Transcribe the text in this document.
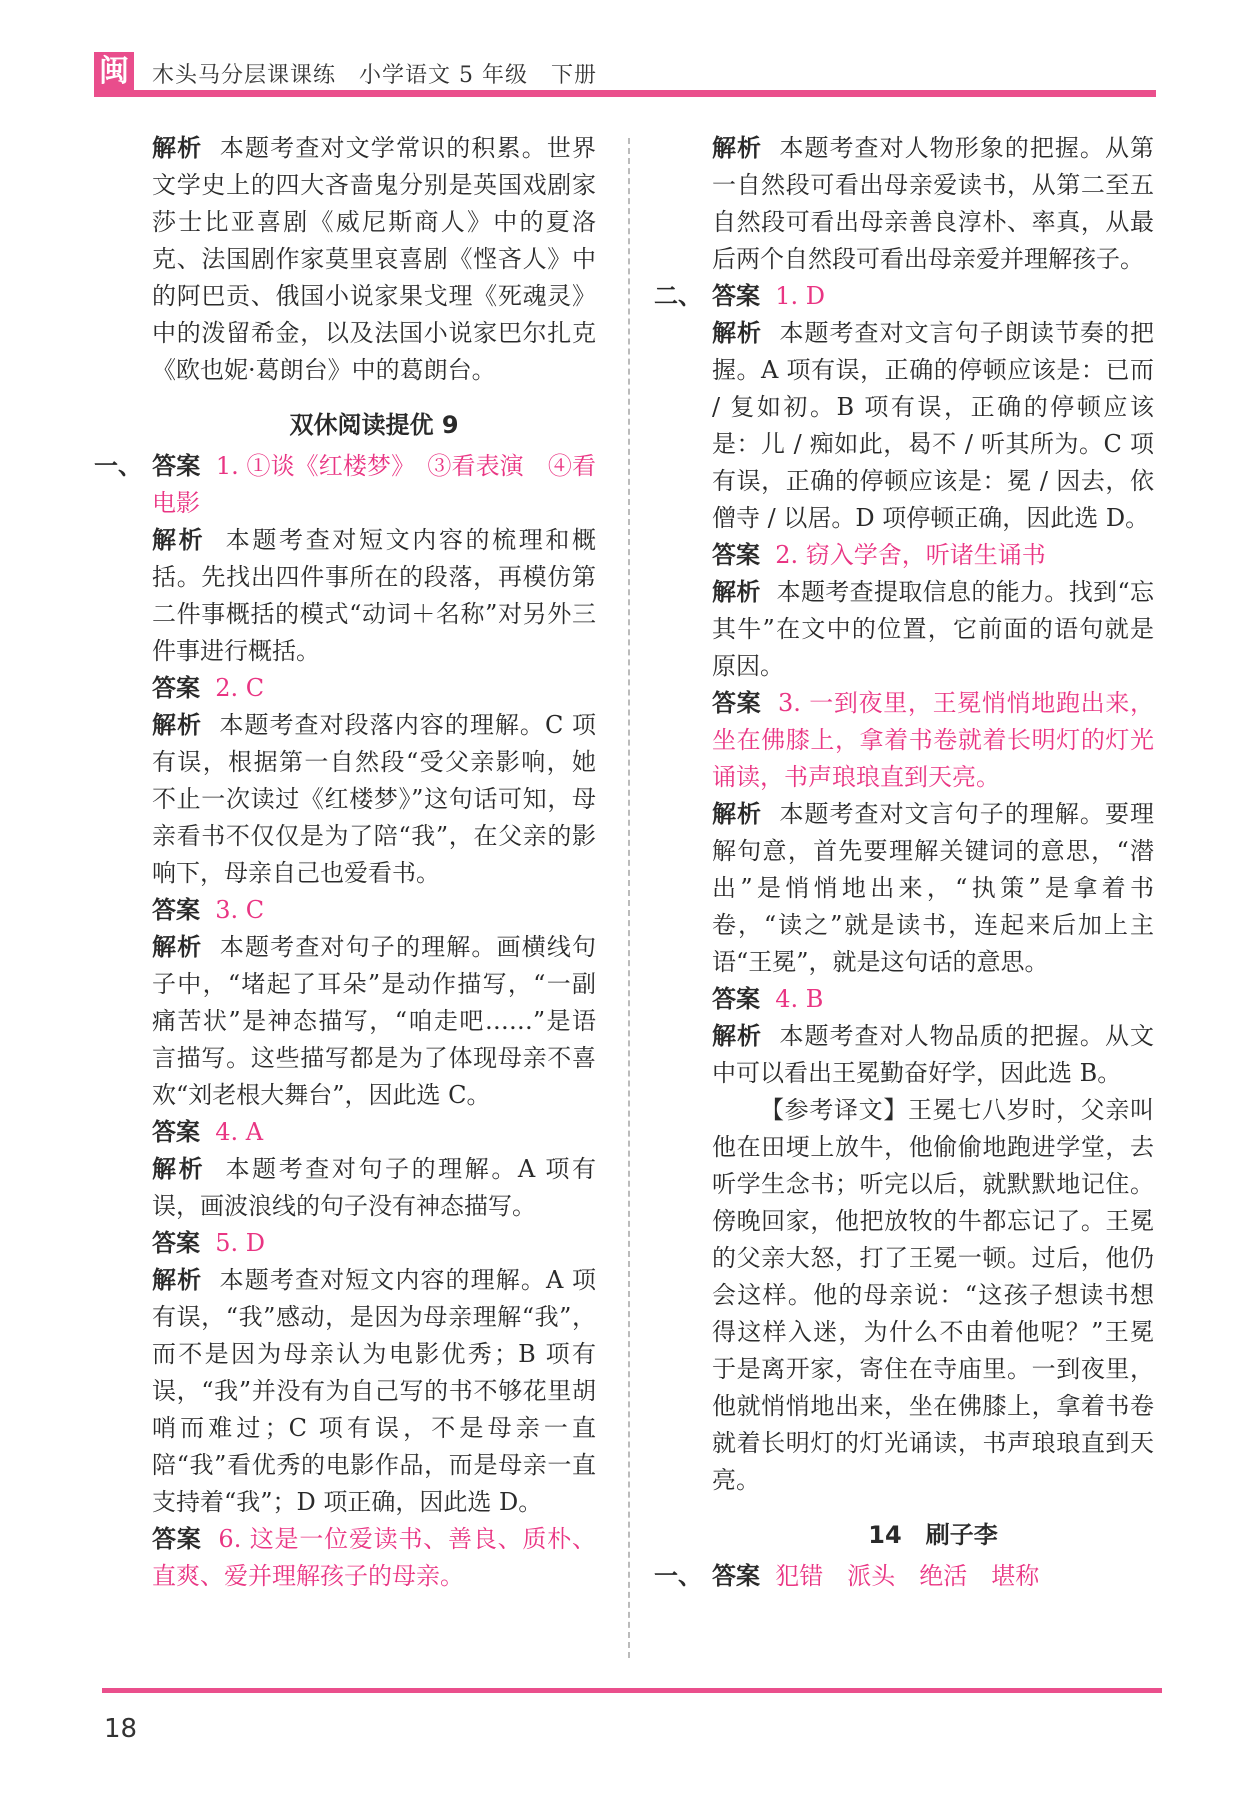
闽 木头马分层课课练　小学语文 5 年级　下册

解析 本题考查对文学常识的积累。世界文学史上的四大吝啬鬼分别是英国戏剧家莎士比亚喜剧《威尼斯商人》中的夏洛克、法国剧作家莫里哀喜剧《悭吝人》中的阿巴贡、俄国小说家果戈理《死魂灵》中的泼留希金，以及法国小说家巴尔扎克《欧也妮·葛朗台》中的葛朗台。

双休阅读提优 9

一、 答案 1. ①谈《红楼梦》　③看表演　④看电影

解析 本题考查对短文内容的梳理和概括。先找出四件事所在的段落，再模仿第二件事概括的模式“动词＋名称”对另外三件事进行概括。

答案 2. C

解析 本题考查对段落内容的理解。C 项有误，根据第一自然段“受父亲影响，她不止一次读过《红楼梦》”这句话可知，母亲看书不仅仅是为了陪“我”，在父亲的影响下，母亲自己也爱看书。

答案 3. C

解析 本题考查对句子的理解。画横线句子中，“堵起了耳朵”是动作描写，“一副痛苦状”是神态描写，“咱走吧……”是语言描写。这些描写都是为了体现母亲不喜欢“刘老根大舞台”，因此选 C。

答案 4. A

解析 本题考查对句子的理解。A 项有误，画波浪线的句子没有神态描写。

答案 5. D

解析 本题考查对短文内容的理解。A 项有误，“我”感动，是因为母亲理解“我”，而不是因为母亲认为电影优秀；B 项有误，“我”并没有为自己写的书不够花里胡哨而难过；C 项有误，不是母亲一直陪“我”看优秀的电影作品，而是母亲一直支持着“我”；D 项正确，因此选 D。

答案 6. 这是一位爱读书、善良、质朴、直爽、爱并理解孩子的母亲。

解析 本题考查对人物形象的把握。从第一自然段可看出母亲爱读书，从第二至五自然段可看出母亲善良淳朴、率真，从最后两个自然段可看出母亲爱并理解孩子。

二、 答案 1. D

解析 本题考查对文言句子朗读节奏的把握。A 项有误，正确的停顿应该是：已而 / 复如初。B 项有误，正确的停顿应该是：儿 / 痴如此，曷不 / 听其所为。C 项有误，正确的停顿应该是：冕 / 因去，依僧寺 / 以居。D 项停顿正确，因此选 D。

答案 2. 窃入学舍，听诸生诵书

解析 本题考查提取信息的能力。找到“忘其牛”在文中的位置，它前面的语句就是原因。

答案 3. 一到夜里，王冕悄悄地跑出来，坐在佛膝上，拿着书卷就着长明灯的灯光诵读，书声琅琅直到天亮。

解析 本题考查对文言句子的理解。要理解句意，首先要理解关键词的意思，“潜出”是悄悄地出来，“执策”是拿着书卷，“读之”就是读书，连起来后加上主语“王冕”，就是这句话的意思。

答案 4. B

解析 本题考查对人物品质的把握。从文中可以看出王冕勤奋好学，因此选 B。

【参考译文】王冕七八岁时，父亲叫他在田埂上放牛，他偷偷地跑进学堂，去听学生念书；听完以后，就默默地记住。傍晚回家，他把放牧的牛都忘记了。王冕的父亲大怒，打了王冕一顿。过后，他仍会这样。他的母亲说：“这孩子想读书想得这样入迷，为什么不由着他呢？”王冕于是离开家，寄住在寺庙里。一到夜里，他就悄悄地出来，坐在佛膝上，拿着书卷就着长明灯的灯光诵读，书声琅琅直到天亮。

14　刷子李

一、 答案 犯错　派头　绝活　堪称

18
